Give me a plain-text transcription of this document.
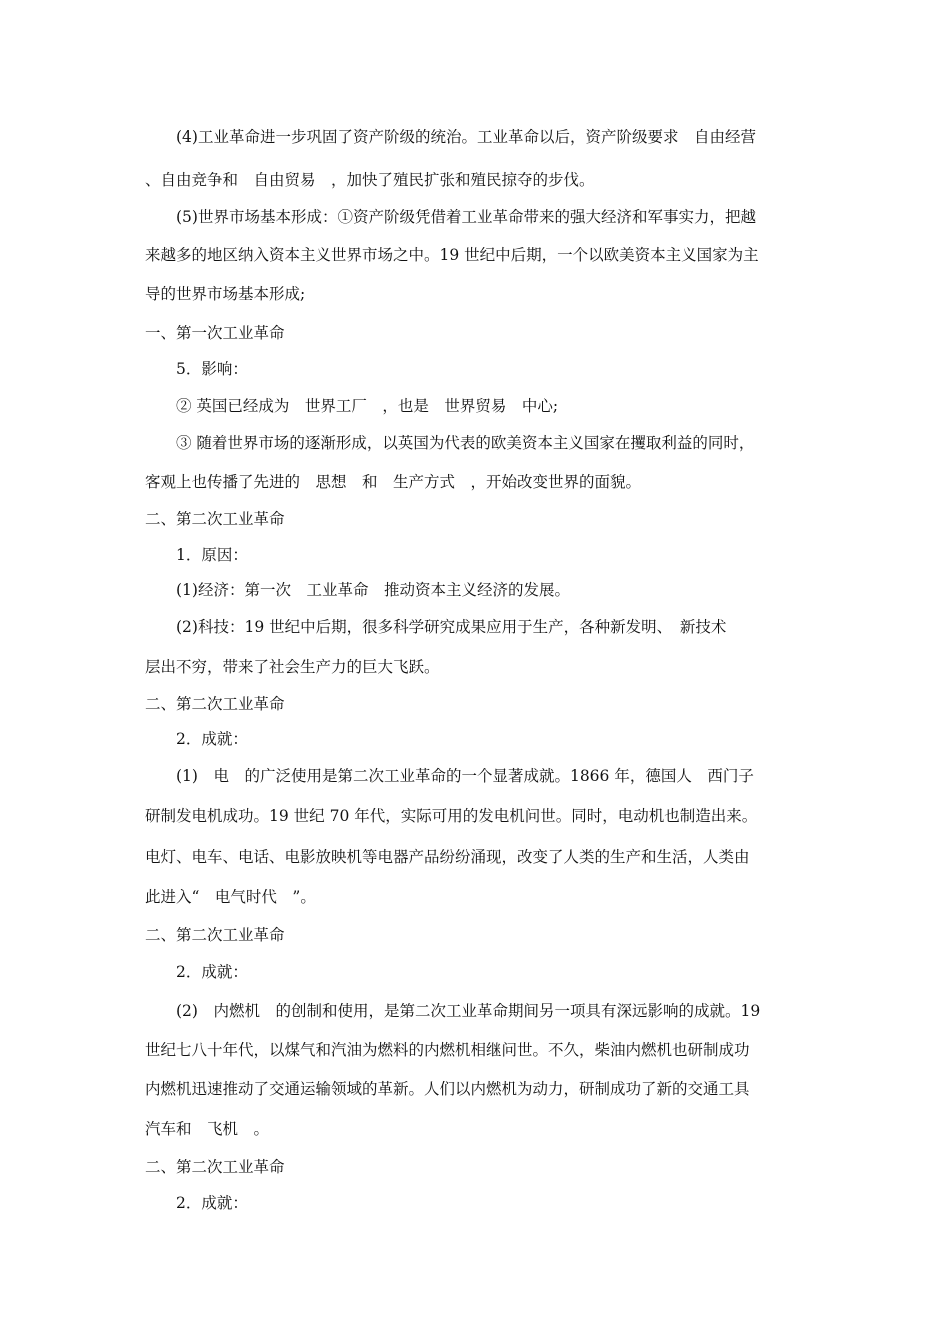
(4)工业革命进一步巩固了资产阶级的统治。工业革命以后，资产阶级要求　自由经营
、自由竞争和　自由贸易　，加快了殖民扩张和殖民掠夺的步伐。
(5)世界市场基本形成：①资产阶级凭借着工业革命带来的强大经济和军事实力，把越
来越多的地区纳入资本主义世界市场之中。19 世纪中后期，一个以欧美资本主义国家为主
导的世界市场基本形成;
一、第一次工业革命
5．影响：
② 英国已经成为　世界工厂　，也是　世界贸易　中心;
③ 随着世界市场的逐渐形成，以英国为代表的欧美资本主义国家在攫取利益的同时，
客观上也传播了先进的　思想　和　生产方式　，开始改变世界的面貌。
二、第二次工业革命
1．原因：
(1)经济：第一次　工业革命　推动资本主义经济的发展。
(2)科技：19 世纪中后期，很多科学研究成果应用于生产，各种新发明、　新技术
层出不穷，带来了社会生产力的巨大飞跃。
二、第二次工业革命
2．成就：
(1)　电　的广泛使用是第二次工业革命的一个显著成就。1866 年，德国人　西门子
研制发电机成功。19 世纪 70 年代，实际可用的发电机问世。同时，电动机也制造出来。
电灯、电车、电话、电影放映机等电器产品纷纷涌现，改变了人类的生产和生活，人类由
此进入“　电气时代　”。
二、第二次工业革命
2．成就：
(2)　内燃机　的创制和使用，是第二次工业革命期间另一项具有深远影响的成就。19
世纪七八十年代，以煤气和汽油为燃料的内燃机相继问世。不久，柴油内燃机也研制成功
内燃机迅速推动了交通运输领域的革新。人们以内燃机为动力，研制成功了新的交通工具
汽车和　飞机　。
二、第二次工业革命
2．成就：
